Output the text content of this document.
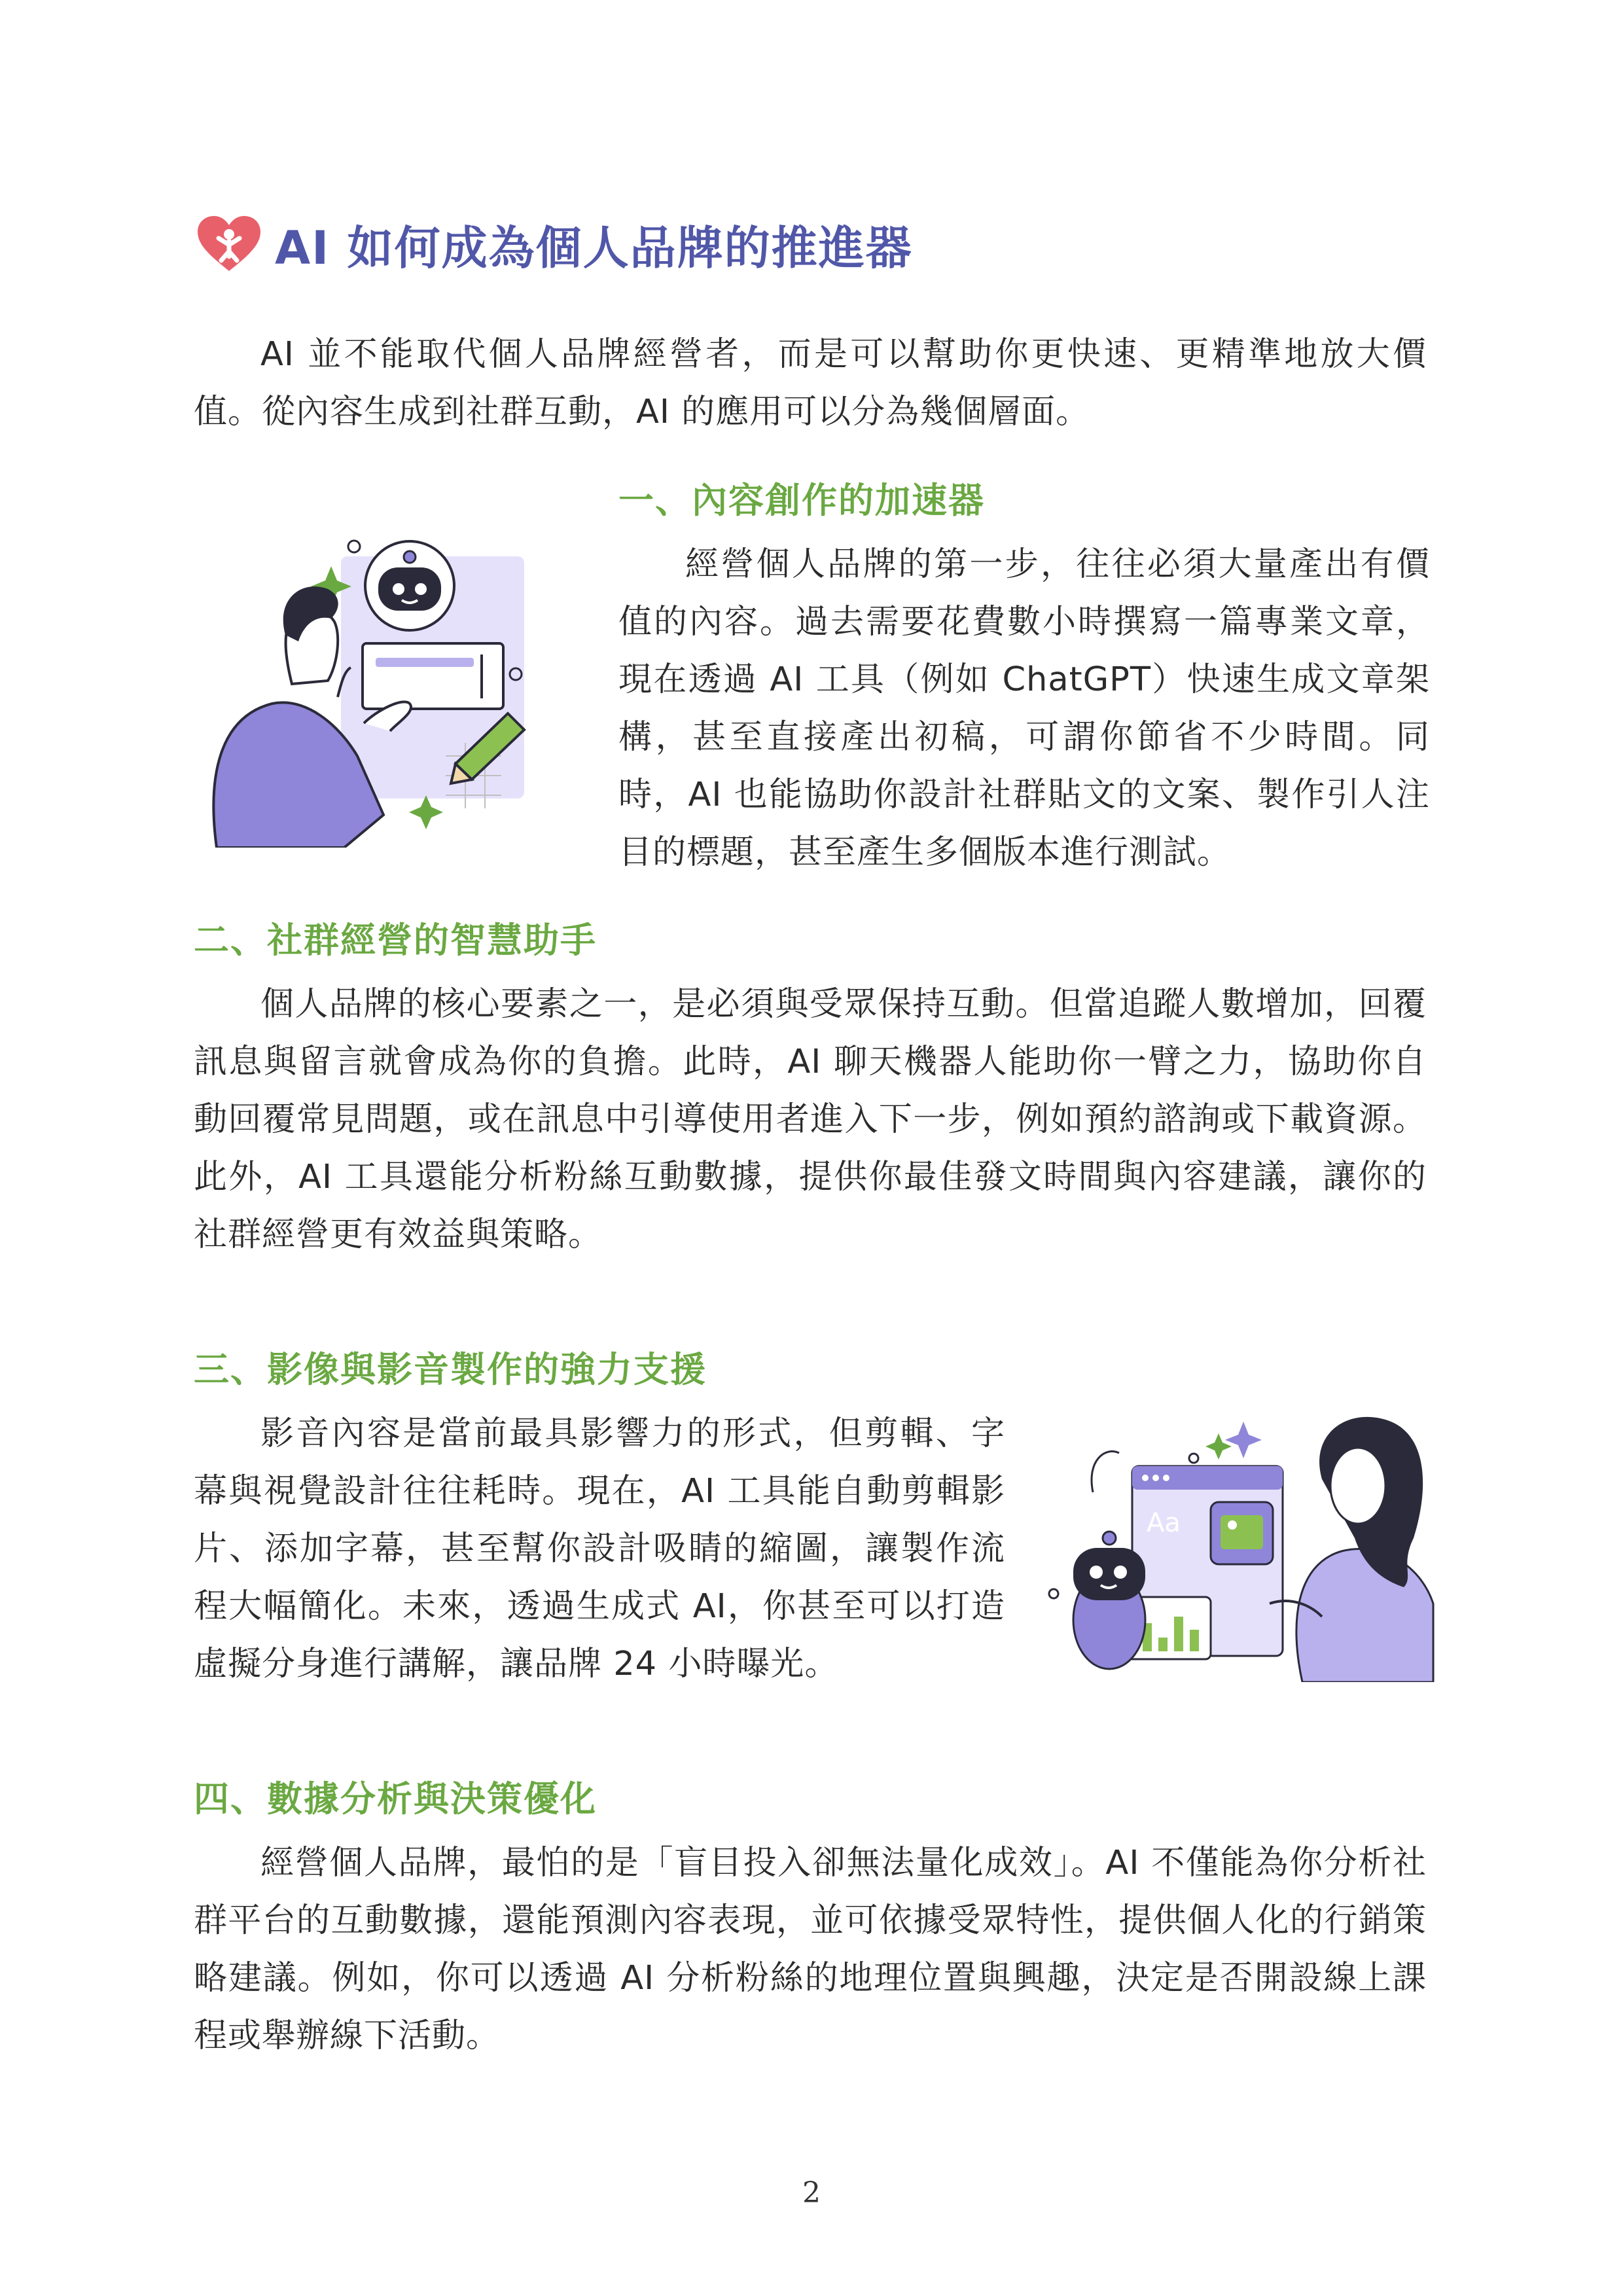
AI 如何成為個人品牌的推進器

AI 並不能取代個人品牌經營者，而是可以幫助你更快速、更精準地放大價值。從內容生成到社群互動，AI 的應用可以分為幾個層面。

一、內容創作的加速器

經營個人品牌的第一步，往往必須大量產出有價值的內容。過去需要花費數小時撰寫一篇專業文章，現在透過 AI 工具（例如 ChatGPT）快速生成文章架構，甚至直接產出初稿，可謂你節省不少時間。同時，AI 也能協助你設計社群貼文的文案、製作引人注目的標題，甚至產生多個版本進行測試。

二、社群經營的智慧助手

個人品牌的核心要素之一，是必須與受眾保持互動。但當追蹤人數增加，回覆訊息與留言就會成為你的負擔。此時，AI 聊天機器人能助你一臂之力，協助你自動回覆常見問題，或在訊息中引導使用者進入下一步，例如預約諮詢或下載資源。此外，AI 工具還能分析粉絲互動數據，提供你最佳發文時間與內容建議，讓你的社群經營更有效益與策略。

三、影像與影音製作的強力支援

影音內容是當前最具影響力的形式，但剪輯、字幕與視覺設計往往耗時。現在，AI 工具能自動剪輯影片、添加字幕，甚至幫你設計吸睛的縮圖，讓製作流程大幅簡化。未來，透過生成式 AI，你甚至可以打造虛擬分身進行講解，讓品牌 24 小時曝光。

Aa
四、數據分析與決策優化

經營個人品牌，最怕的是「盲目投入卻無法量化成效」。AI 不僅能為你分析社群平台的互動數據，還能預測內容表現，並可依據受眾特性，提供個人化的行銷策略建議。例如，你可以透過 AI 分析粉絲的地理位置與興趣，決定是否開設線上課程或舉辦線下活動。

2
